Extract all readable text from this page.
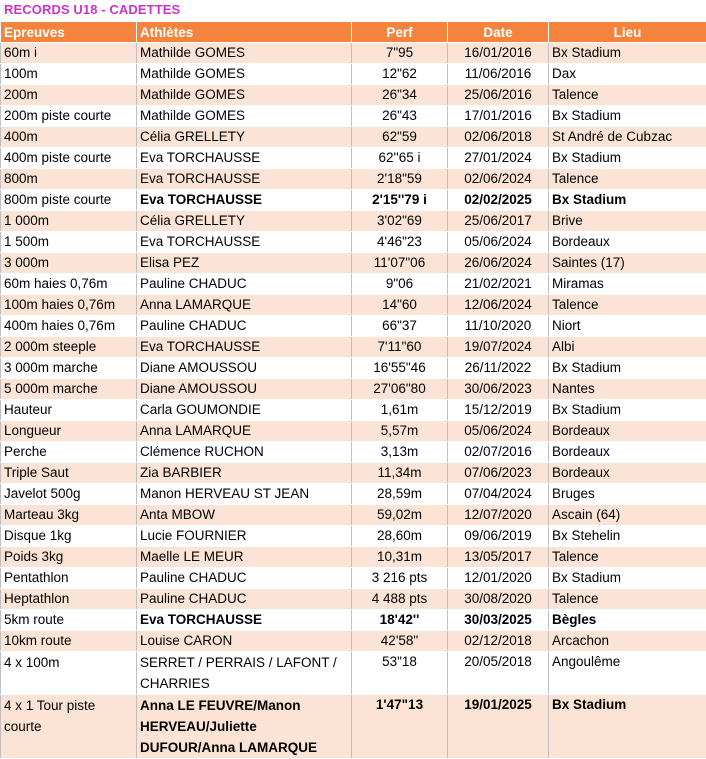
RECORDS U18 - CADETTES
Epreuves	Athlètes	Perf	Date	Lieu
60m i	Mathilde GOMES	7"95	16/01/2016	Bx Stadium
100m	Mathilde GOMES	12"62	11/06/2016	Dax
200m	Mathilde GOMES	26"34	25/06/2016	Talence
200m piste courte	Mathilde GOMES	26"43	17/01/2016	Bx Stadium
400m	Célia GRELLETY	62"59	02/06/2018	St André de Cubzac
400m piste courte	Eva TORCHAUSSE	62''65 i	27/01/2024	Bx Stadium
800m	Eva TORCHAUSSE	2'18"59	02/06/2024	Talence
800m piste courte	Eva TORCHAUSSE	2'15''79 i	02/02/2025	Bx Stadium
1 000m	Célia GRELLETY	3'02"69	25/06/2017	Brive
1 500m	Eva TORCHAUSSE	4'46"23	05/06/2024	Bordeaux
3 000m	Elisa PEZ	11'07"06	26/06/2024	Saintes (17)
60m haies 0,76m	Pauline CHADUC	9"06	21/02/2021	Miramas
100m haies 0,76m	Anna LAMARQUE	14"60	12/06/2024	Talence
400m haies 0,76m	Pauline CHADUC	66"37	11/10/2020	Niort
2 000m steeple	Eva TORCHAUSSE	7'11"60	19/07/2024	Albi
3 000m marche	Diane AMOUSSOU	16'55"46	26/11/2022	Bx Stadium
5 000m marche	Diane AMOUSSOU	27'06"80	30/06/2023	Nantes
Hauteur	Carla GOUMONDIE	1,61m	15/12/2019	Bx Stadium
Longueur	Anna LAMARQUE	5,57m	05/06/2024	Bordeaux
Perche	Clémence RUCHON	3,13m	02/07/2016	Bordeaux
Triple Saut	Zia BARBIER	11,34m	07/06/2023	Bordeaux
Javelot 500g	Manon HERVEAU ST JEAN	28,59m	07/04/2024	Bruges
Marteau 3kg	Anta MBOW	59,02m	12/07/2020	Ascain (64)
Disque 1kg	Lucie FOURNIER	28,60m	09/06/2019	Bx Stehelin
Poids 3kg	Maelle LE MEUR	10,31m	13/05/2017	Talence
Pentathlon	Pauline CHADUC	3 216 pts	12/01/2020	Bx Stadium
Heptathlon	Pauline CHADUC	4 488 pts	30/08/2020	Talence
5km route	Eva TORCHAUSSE	18'42''	30/03/2025	Bègles
10km route	Louise CARON	42'58"	02/12/2018	Arcachon
4 x 100m	SERRET / PERRAIS / LAFONT / CHARRIES	53"18	20/05/2018	Angoulême
4 x 1 Tour piste courte	Anna LE FEUVRE/Manon HERVEAU/Juliette DUFOUR/Anna LAMARQUE	1'47"13	19/01/2025	Bx Stadium
